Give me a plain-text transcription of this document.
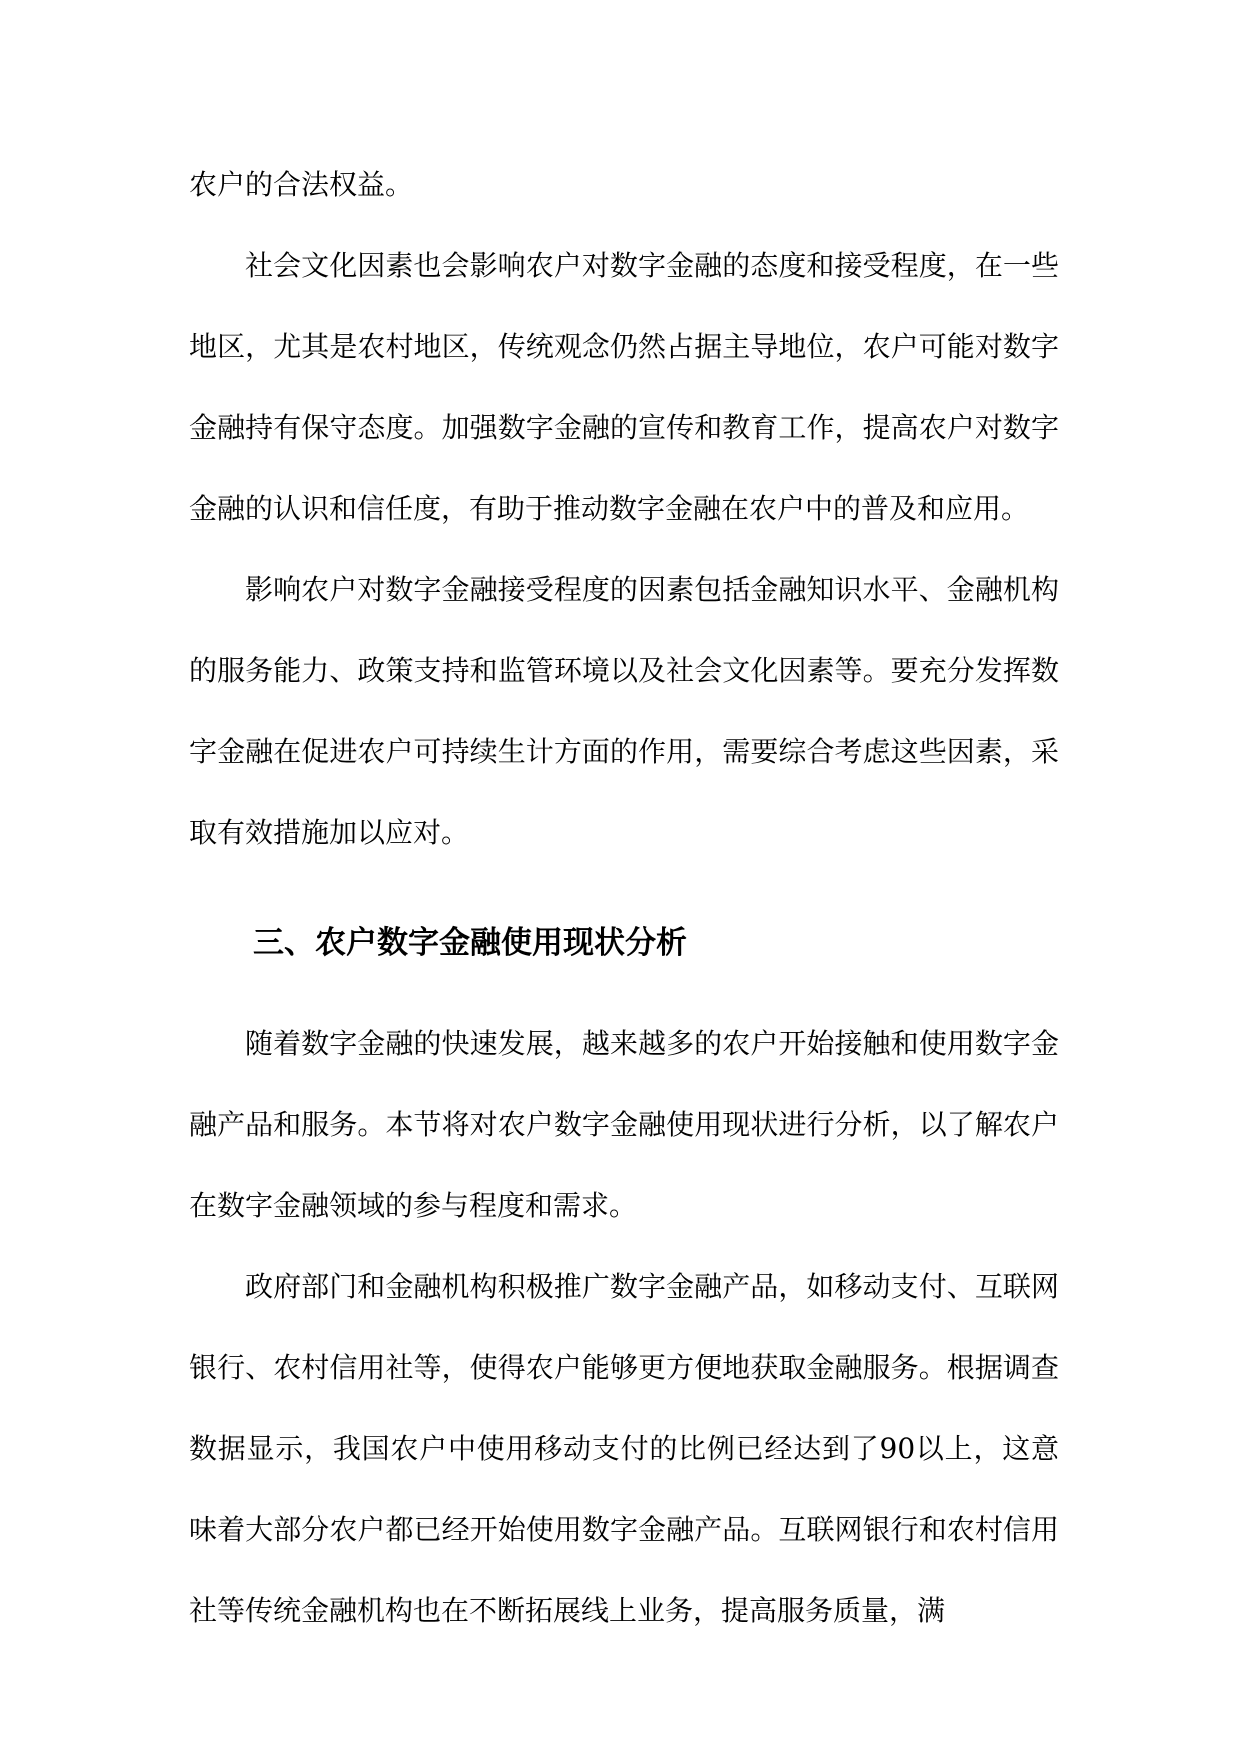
农户的合法权益。

社会文化因素也会影响农户对数字金融的态度和接受程度，在一些地区，尤其是农村地区，传统观念仍然占据主导地位，农户可能对数字金融持有保守态度。加强数字金融的宣传和教育工作，提高农户对数字金融的认识和信任度，有助于推动数字金融在农户中的普及和应用。

影响农户对数字金融接受程度的因素包括金融知识水平、金融机构的服务能力、政策支持和监管环境以及社会文化因素等。要充分发挥数字金融在促进农户可持续生计方面的作用，需要综合考虑这些因素，采取有效措施加以应对。

三、农户数字金融使用现状分析

随着数字金融的快速发展，越来越多的农户开始接触和使用数字金融产品和服务。本节将对农户数字金融使用现状进行分析，以了解农户在数字金融领域的参与程度和需求。

政府部门和金融机构积极推广数字金融产品，如移动支付、互联网银行、农村信用社等，使得农户能够更方便地获取金融服务。根据调查数据显示，我国农户中使用移动支付的比例已经达到了90以上，这意味着大部分农户都已经开始使用数字金融产品。互联网银行和农村信用社等传统金融机构也在不断拓展线上业务，提高服务质量，满
